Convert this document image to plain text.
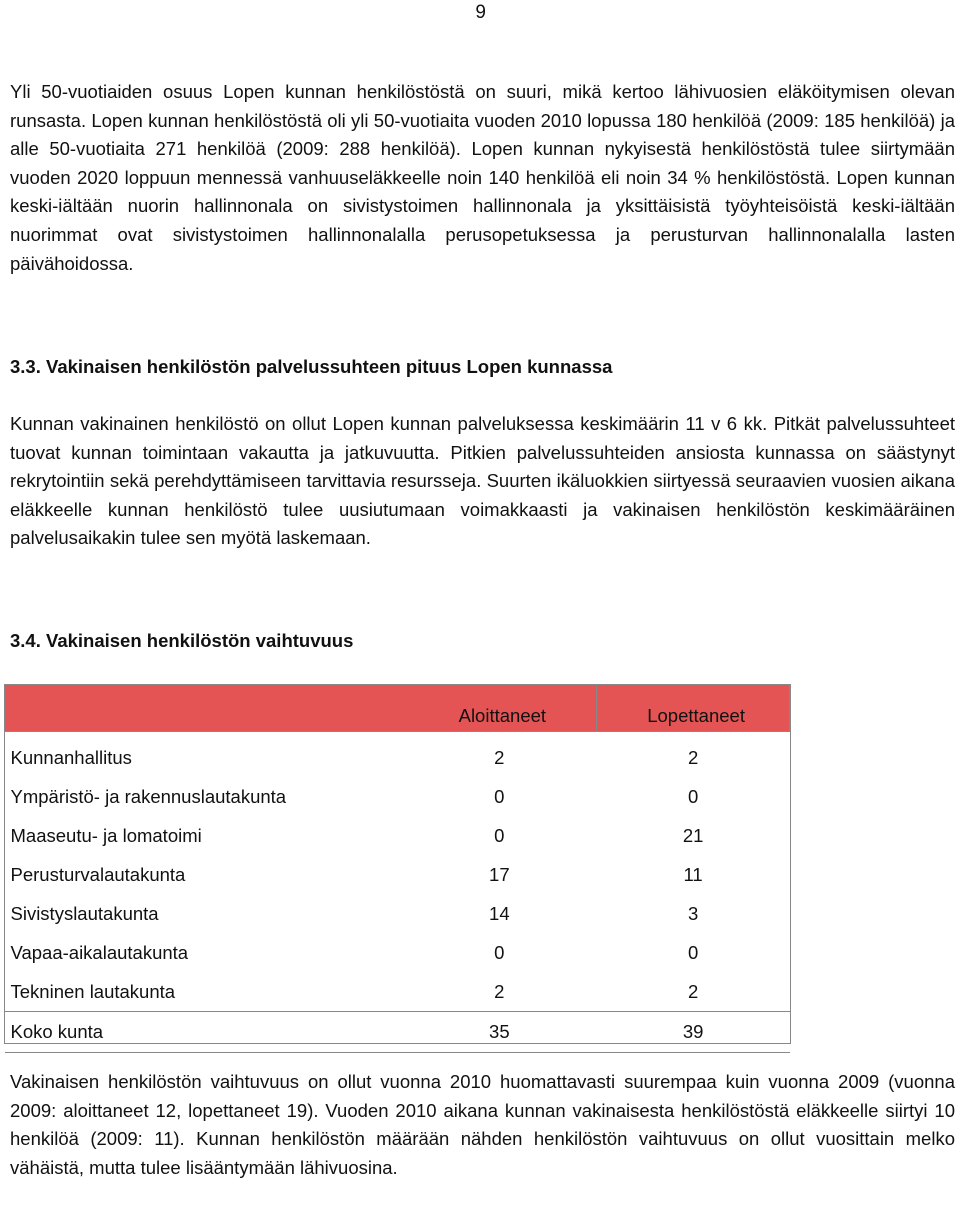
9

Yli 50-vuotiaiden osuus Lopen kunnan henkilöstöstä on suuri, mikä kertoo lähivuosien eläköitymisen olevan runsasta. Lopen kunnan henkilöstöstä oli yli 50-vuotiaita vuoden 2010 lopussa 180 henkilöä (2009: 185 henkilöä) ja alle 50-vuotiaita 271 henkilöä (2009: 288 henkilöä). Lopen kunnan nykyisestä henkilöstöstä tulee siirtymään vuoden 2020 loppuun mennessä vanhuuseläkkeelle noin 140 henkilöä eli noin 34 % henkilöstöstä. Lopen kunnan keski-iältään nuorin hallinnonala on sivistystoimen hallinnonala ja yksittäisistä työyhteisöistä keski-iältään nuorimmat ovat sivistystoimen hallinnonalalla perusopetuksessa ja perusturvan hallinnonalalla lasten päivähoidossa.

3.3. Vakinaisen henkilöstön palvelussuhteen pituus Lopen kunnassa

Kunnan vakinainen henkilöstö on ollut Lopen kunnan palveluksessa keskimäärin 11 v 6 kk. Pitkät palvelussuhteet tuovat kunnan toimintaan vakautta ja jatkuvuutta. Pitkien palvelussuhteiden ansiosta kunnassa on säästynyt rekrytointiin sekä perehdyttämiseen tarvittavia resursseja. Suurten ikäluokkien siirtyessä seuraavien vuosien aikana eläkkeelle kunnan henkilöstö tulee uusiutumaan voimakkaasti ja vakinaisen henkilöstön keskimääräinen palvelusaikakin tulee sen myötä laskemaan.

3.4. Vakinaisen henkilöstön vaihtuvuus
	Aloittaneet	Lopettaneet
Kunnanhallitus	2	2
Ympäristö- ja rakennuslautakunta	0	0
Maaseutu- ja lomatoimi	0	21
Perusturvalautakunta	17	11
Sivistyslautakunta	14	3
Vapaa-aikalautakunta	0	0
Tekninen lautakunta	2	2
Koko kunta	35	39

Vakinaisen henkilöstön vaihtuvuus on ollut vuonna 2010 huomattavasti suurempaa kuin vuonna 2009 (vuonna 2009: aloittaneet 12, lopettaneet 19). Vuoden 2010 aikana kunnan vakinaisesta henkilöstöstä eläkkeelle siirtyi 10 henkilöä (2009: 11). Kunnan henkilöstön määrään nähden henkilöstön vaihtuvuus on ollut vuosittain melko vähäistä, mutta tulee lisääntymään lähivuosina.
